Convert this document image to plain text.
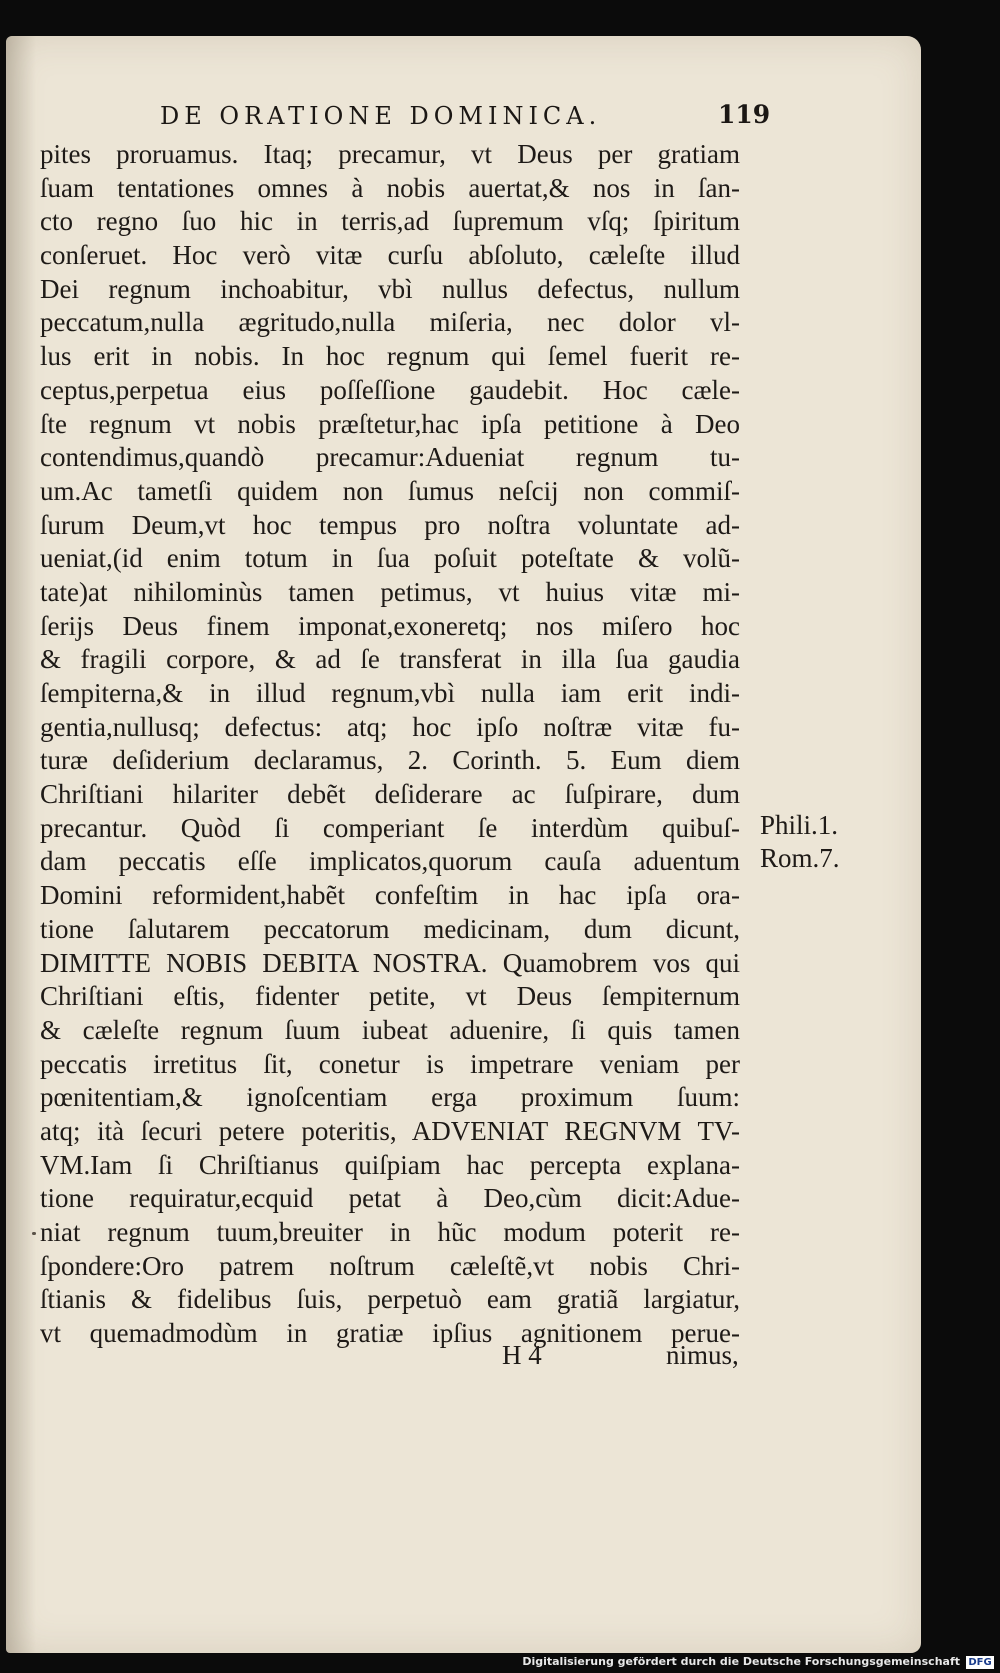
DE ORATIONE DOMINICA.	119
pites proruamus. Itaq; precamur, vt Deus per gratiam
ſuam tentationes omnes à nobis auertat,& nos in ſan-
cto regno ſuo hic in terris,ad ſupremum vſq; ſpiritum
conſeruet. Hoc verò vitæ curſu abſoluto, cæleſte illud
Dei regnum inchoabitur, vbì nullus defectus, nullum
peccatum,nulla ægritudo,nulla miſeria, nec dolor vl-
lus erit in nobis. In hoc regnum qui ſemel fuerit re-
ceptus,perpetua eius poſſeſſione gaudebit. Hoc cæle-
ſte regnum vt nobis præſtetur,hac ipſa petitione à Deo
contendimus,quandò precamur:Adueniat regnum tu-
um.Ac tametſi quidem non ſumus neſcij non commiſ-
ſurum Deum,vt hoc tempus pro noſtra voluntate ad-
ueniat,(id enim totum in ſua poſuit poteſtate & volũ-
tate)at nihilominùs tamen petimus, vt huius vitæ mi-
ſerijs Deus finem imponat,exoneretq; nos miſero hoc
& fragili corpore, & ad ſe transferat in illa ſua gaudia
ſempiterna,& in illud regnum,vbì nulla iam erit indi-
gentia,nullusq; defectus: atq; hoc ipſo noſtræ vitæ fu-
turæ deſiderium declaramus, 2. Corinth. 5. Eum diem
Chriſtiani hilariter debẽt deſiderare ac ſuſpirare, dum
precantur. Quòd ſi comperiant ſe interdùm quibuſ-
dam peccatis eſſe implicatos,quorum cauſa aduentum
Domini reformident,habẽt confeſtim in hac ipſa ora-
tione ſalutarem peccatorum medicinam, dum dicunt,
DIMITTE NOBIS DEBITA NOSTRA. Quamobrem vos qui
Chriſtiani eſtis, fidenter petite, vt Deus ſempiternum
& cæleſte regnum ſuum iubeat aduenire, ſi quis tamen
peccatis irretitus ſit, conetur is impetrare veniam per
pœnitentiam,& ignoſcentiam erga proximum ſuum:
atq; ità ſecuri petere poteritis, ADVENIAT REGNVM TV-
VM.Iam ſi Chriſtianus quiſpiam hac percepta explana-
tione requiratur,ecquid petat à Deo,cùm dicit:Adue-
niat regnum tuum,breuiter in hũc modum poterit re-
ſpondere:Oro patrem noſtrum cæleſtẽ,vt nobis Chri-
ſtianis & fidelibus ſuis, perpetuò eam gratiã largiatur,
vt quemadmodùm in gratiæ ipſius agnitionem perue-
Phili.1.
Rom.7.
H 4	nimus,
Digitalisierung gefördert durch die Deutsche Forschungsgemeinschaft DFG
